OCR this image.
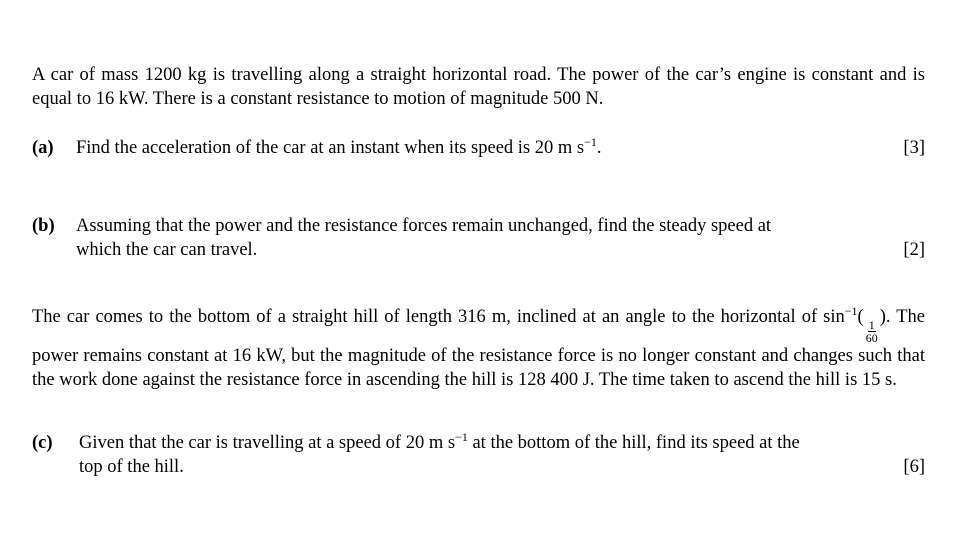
A car of mass 1200 kg is travelling along a straight horizontal road. The power of the car’s engine is constant and is equal to 16 kW. There is a constant resistance to motion of magnitude 500 N.
(a)	Find the acceleration of the car at an instant when its speed is 20 m $s^{-1}$.	[3]
(b)	Assuming that the power and the resistance forces remain unchanged, find the steady speed at
which the car can travel.	[2]
The car comes to the bottom of a straight hill of length 316 m, inclined at an angle to the horizontal of $\sin^{-1}$(
$\frac{1}{60}$
). The power remains constant at 16 kW, but the magnitude of the resistance force is no longer constant and changes such that the work done against the resistance force in ascending the hill is 128 400 J. The time taken to ascend the hill is 15 s.
(c)	Given that the car is travelling at a speed of 20 m $s^{-1}$ at the bottom of the hill, find its speed at the
top of the hill.	[6]
